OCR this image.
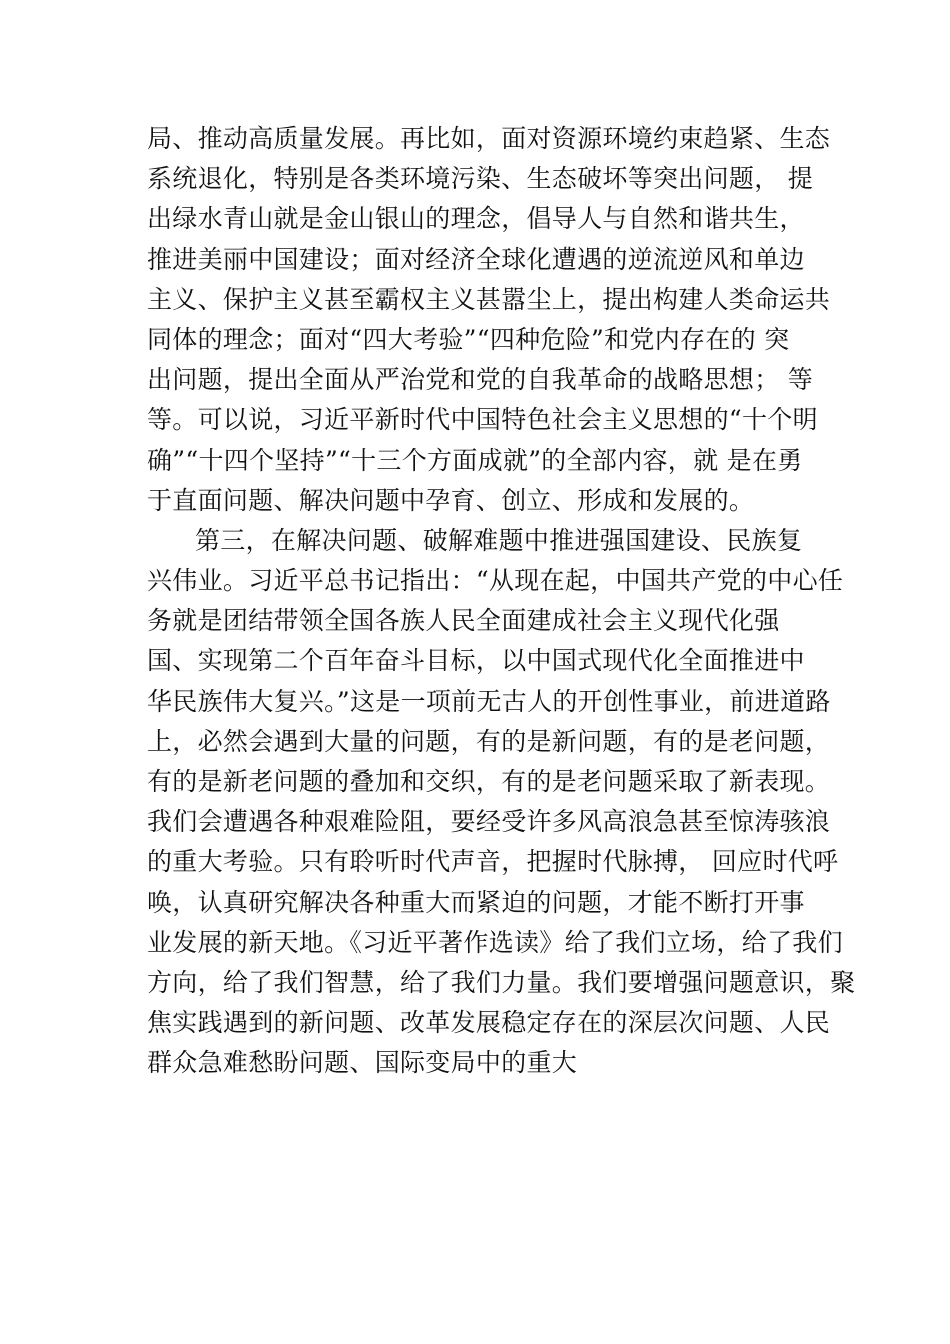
局、推动高质量发展。再比如，面对资源环境约束趋紧、生态
系统退化，特别是各类环境污染、生态破坏等突出问题， 提
出绿水青山就是金山银山的理念，倡导人与自然和谐共生，
推进美丽中国建设；面对经济全球化遭遇的逆流逆风和单边
主义、保护主义甚至霸权主义甚嚣尘上，提出构建人类命运共
同体的理念；面对“四大考验”“四种危险”和党内存在的 突
出问题，提出全面从严治党和党的自我革命的战略思想； 等
等。可以说，习近平新时代中国特色社会主义思想的“十个明
确”“十四个坚持”“十三个方面成就”的全部内容，就 是在勇
于直面问题、解决问题中孕育、创立、形成和发展的。
第三，在解决问题、破解难题中推进强国建设、民族复
兴伟业。习近平总书记指出：“从现在起，中国共产党的中心任
务就是团结带领全国各族人民全面建成社会主义现代化强
国、实现第二个百年奋斗目标，以中国式现代化全面推进中
华民族伟大复兴。”这是一项前无古人的开创性事业，前进道路
上，必然会遇到大量的问题，有的是新问题，有的是老问题，
有的是新老问题的叠加和交织，有的是老问题采取了新表现。
我们会遭遇各种艰难险阻，要经受许多风高浪急甚至惊涛骇浪
的重大考验。只有聆听时代声音，把握时代脉搏， 回应时代呼
唤，认真研究解决各种重大而紧迫的问题，才能不断打开事
业发展的新天地。《习近平著作选读》给了我们立场，给了我们
方向，给了我们智慧，给了我们力量。我们要增强问题意识，聚
焦实践遇到的新问题、改革发展稳定存在的深层次问题、人民
群众急难愁盼问题、国际变局中的重大
